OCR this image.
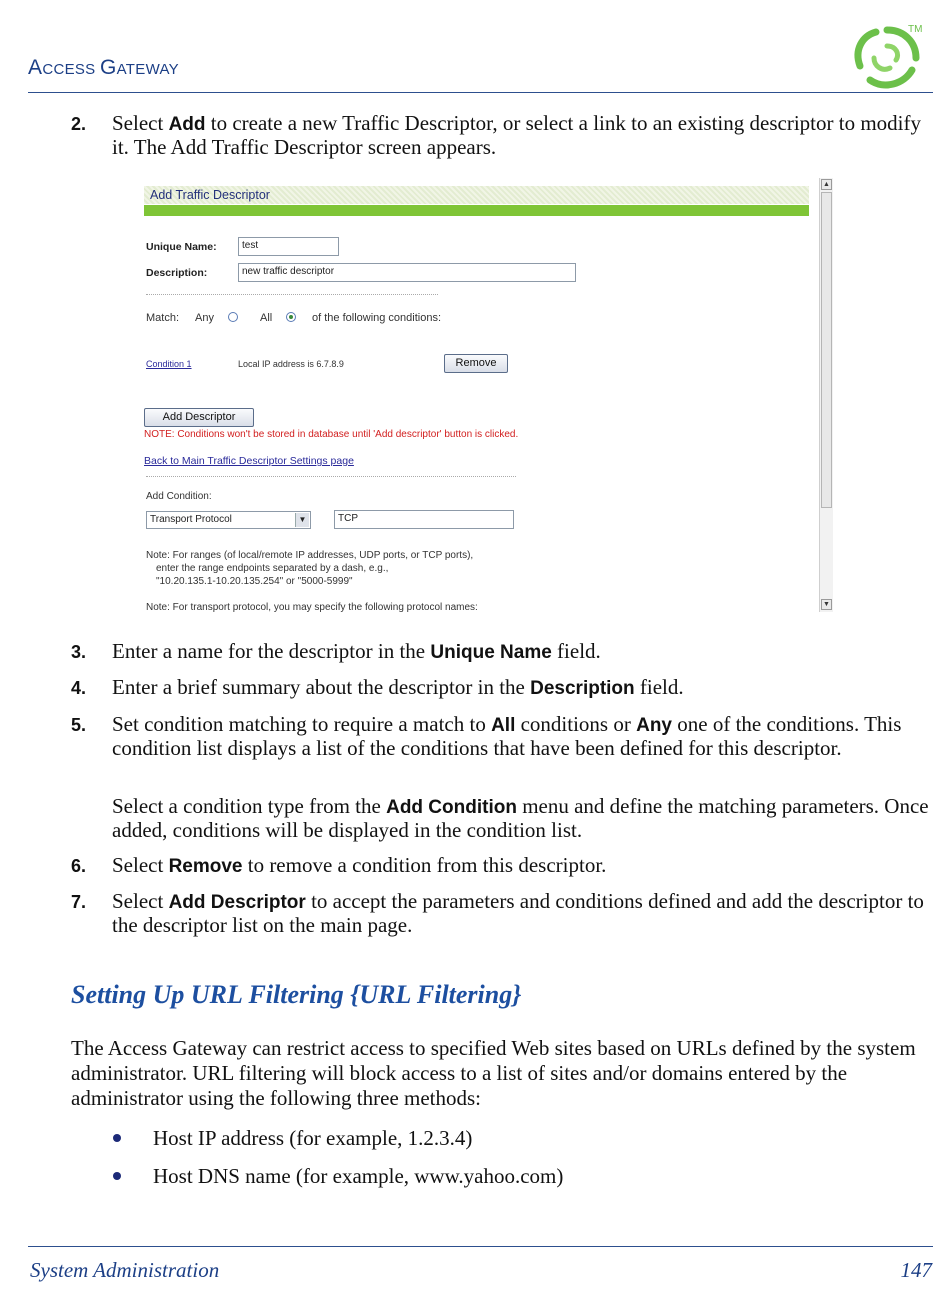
ACCESS GATEWAY
TM
2. Select Add to create a new Traffic Descriptor, or select a link to an existing descriptor to modify it. The Add Traffic Descriptor screen appears.
Add Traffic Descriptor
Unique Name:	test
Description:	new traffic descriptor
Match: Any	All	of the following conditions:
Condition 1	Local IP address is 6.7.8.9	Remove
Add Descriptor
NOTE: Conditions won't be stored in database until 'Add descriptor' button is clicked.
Back to Main Traffic Descriptor Settings page
Add Condition:
Transport Protocol	▼	TCP
Note: For ranges (of local/remote IP addresses, UDP ports, or TCP ports),
enter the range endpoints separated by a dash, e.g.,
"10.20.135.1-10.20.135.254" or "5000-5999"
Note: For transport protocol, you may specify the following protocol names:
▲
▼
3. Enter a name for the descriptor in the Unique Name field.
4. Enter a brief summary about the descriptor in the Description field.
5. Set condition matching to require a match to All conditions or Any one of the conditions. This condition list displays a list of the conditions that have been defined for this descriptor.
Select a condition type from the Add Condition menu and define the matching parameters. Once added, conditions will be displayed in the condition list.
6. Select Remove to remove a condition from this descriptor.
7. Select Add Descriptor to accept the parameters and conditions defined and add the descriptor to the descriptor list on the main page.
Setting Up URL Filtering {URL Filtering}
The Access Gateway can restrict access to specified Web sites based on URLs defined by the system administrator. URL filtering will block access to a list of sites and/or domains entered by the administrator using the following three methods:
Host IP address (for example, 1.2.3.4)
Host DNS name (for example, www.yahoo.com)
System Administration	147
